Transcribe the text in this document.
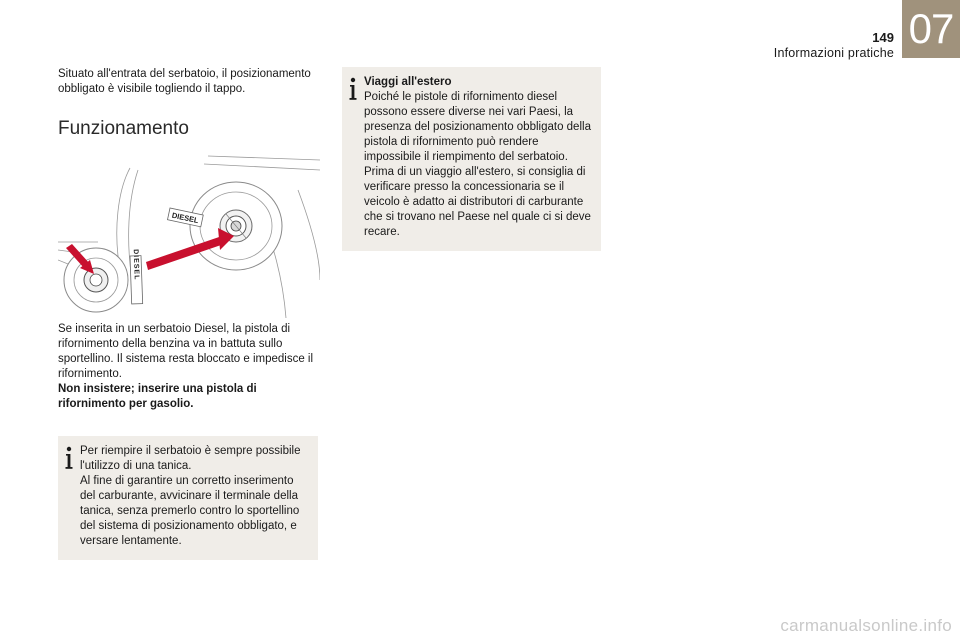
149
Informazioni pratiche
07
Situato all'entrata del serbatoio, il posizionamento obbligato è visibile togliendo il tappo.
Funzionamento
DIESEL
DIESEL

Se inserita in un serbatoio Diesel, la pistola di rifornimento della benzina va in battuta sullo sportellino. Il sistema resta bloccato e impedisce il rifornimento.

Non insistere; inserire una pistola di rifornimento per gasolio.

Per riempire il serbatoio è sempre possibile l'utilizzo di una tanica.

Al fine di garantire un corretto inserimento del carburante, avvicinare il terminale della tanica, senza premerlo contro lo sportellino del sistema di posizionamento obbligato, e versare lentamente.

Viaggi all'estero

Poiché le pistole di rifornimento diesel possono essere diverse nei vari Paesi, la presenza del posizionamento obbligato della pistola di rifornimento può rendere impossibile il riempimento del serbatoio.

Prima di un viaggio all'estero, si consiglia di verificare presso la concessionaria se il veicolo è adatto ai distributori di carburante che si trovano nel Paese nel quale ci si deve recare.

carmanualsonline.info
